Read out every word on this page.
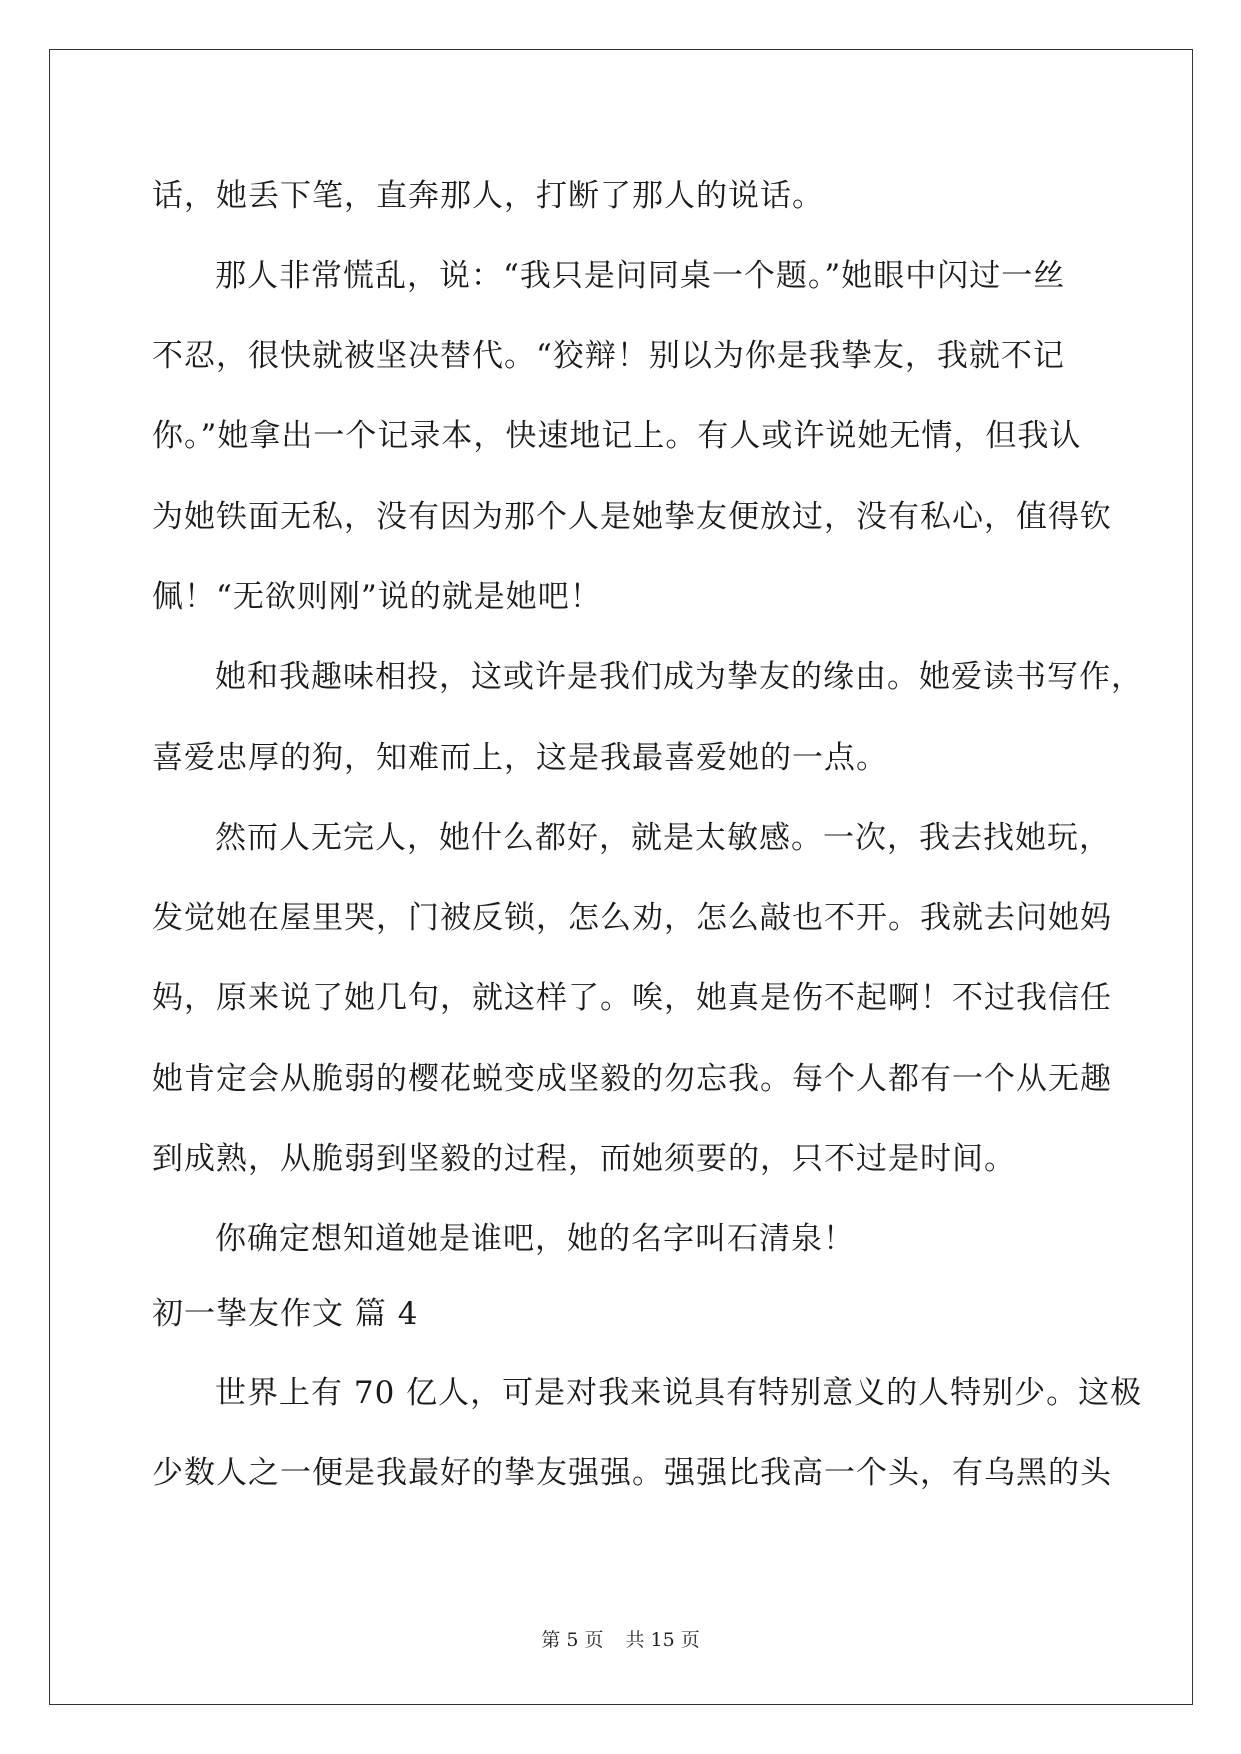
话，她丢下笔，直奔那人，打断了那人的说话。
那人非常慌乱，说：“我只是问同桌一个题。”她眼中闪过一丝
不忍，很快就被坚决替代。“狡辩！别以为你是我挚友，我就不记
你。”她拿出一个记录本，快速地记上。有人或许说她无情，但我认
为她铁面无私，没有因为那个人是她挚友便放过，没有私心，值得钦
佩！“无欲则刚”说的就是她吧！
她和我趣味相投，这或许是我们成为挚友的缘由。她爱读书写作，
喜爱忠厚的狗，知难而上，这是我最喜爱她的一点。
然而人无完人，她什么都好，就是太敏感。一次，我去找她玩，
发觉她在屋里哭，门被反锁，怎么劝，怎么敲也不开。我就去问她妈
妈，原来说了她几句，就这样了。唉，她真是伤不起啊！不过我信任
她肯定会从脆弱的樱花蜕变成坚毅的勿忘我。每个人都有一个从无趣
到成熟，从脆弱到坚毅的过程，而她须要的，只不过是时间。
你确定想知道她是谁吧，她的名字叫石清泉！
初一挚友作文 篇 4
世界上有 70 亿人，可是对我来说具有特别意义的人特别少。这极
少数人之一便是我最好的挚友强强。强强比我高一个头，有乌黑的头
第 5 页 共 15 页
